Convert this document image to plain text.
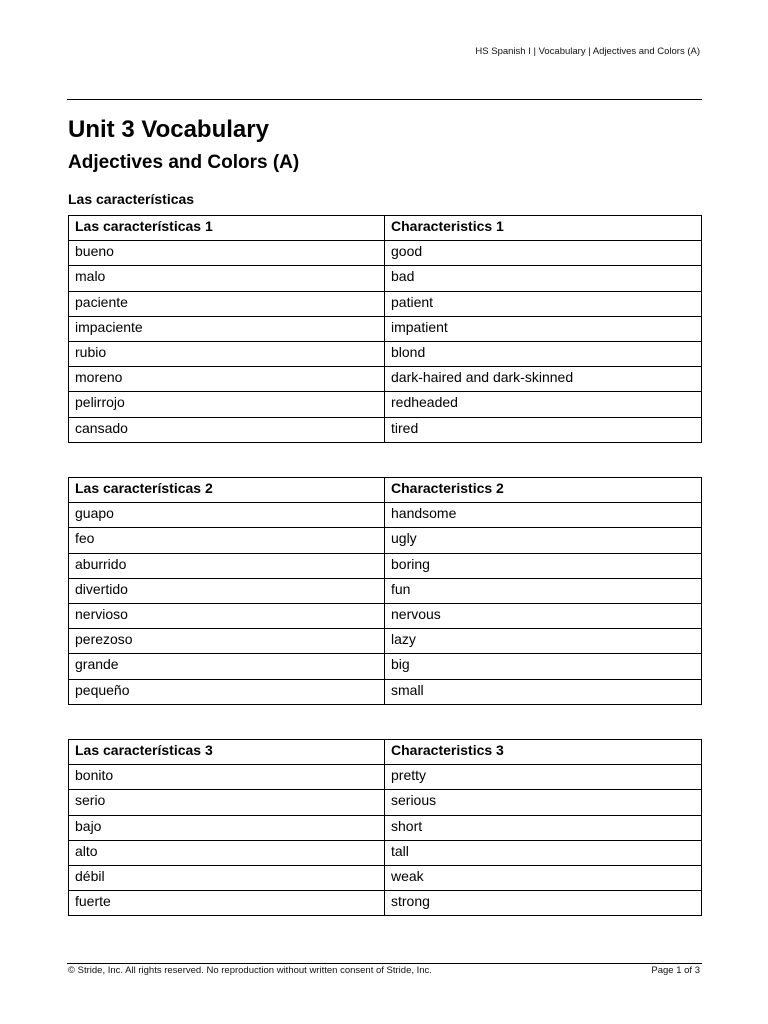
HS Spanish I | Vocabulary | Adjectives and Colors (A)
Unit 3 Vocabulary
Adjectives and Colors (A)
Las características
Las características 1	Characteristics 1
bueno	good
malo	bad
paciente	patient
impaciente	impatient
rubio	blond
moreno	dark-haired and dark-skinned
pelirrojo	redheaded
cansado	tired
Las características 2	Characteristics 2
guapo	handsome
feo	ugly
aburrido	boring
divertido	fun
nervioso	nervous
perezoso	lazy
grande	big
pequeño	small
Las características 3	Characteristics 3
bonito	pretty
serio	serious
bajo	short
alto	tall
débil	weak
fuerte	strong
© Stride, Inc. All rights reserved. No reproduction without written consent of Stride, Inc.	Page 1 of 3
